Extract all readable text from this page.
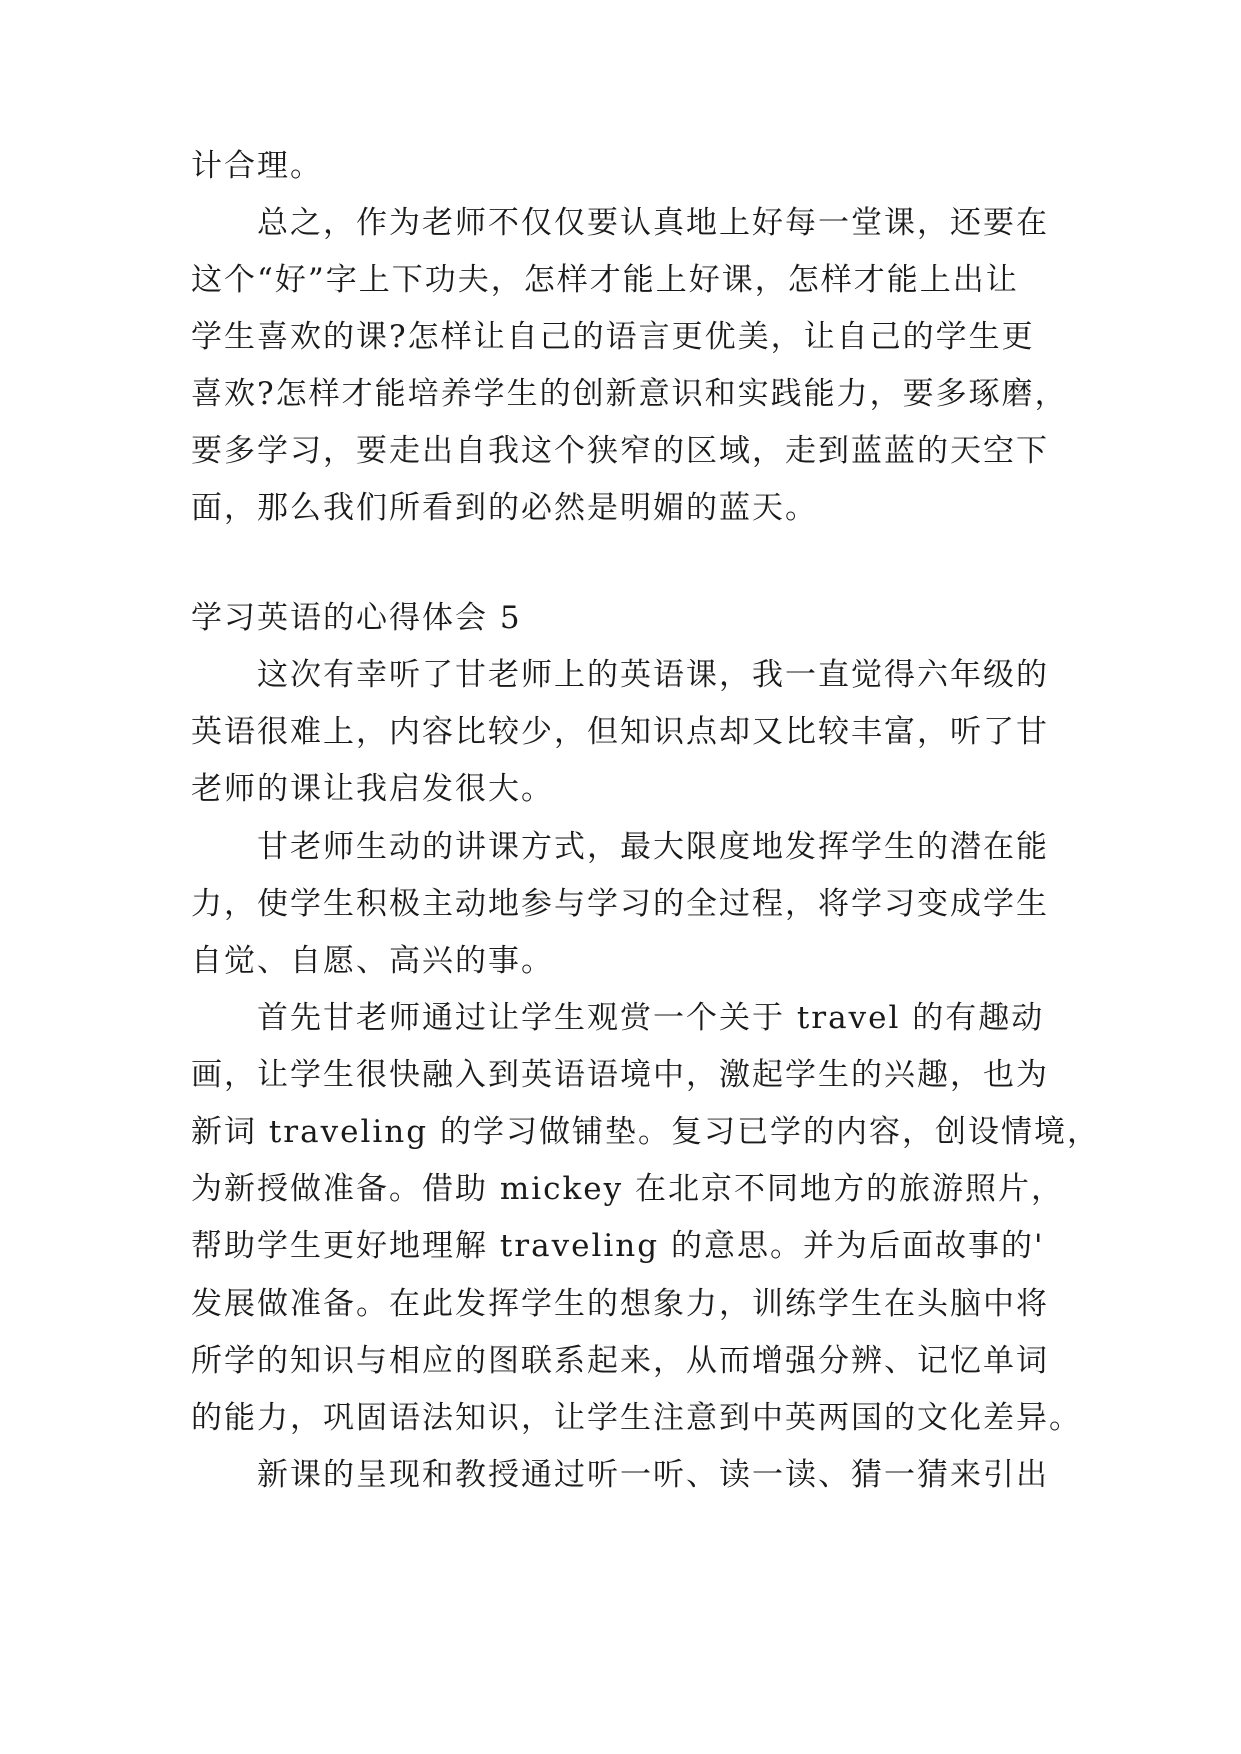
计合理。
总之，作为老师不仅仅要认真地上好每一堂课，还要在
这个“好”字上下功夫，怎样才能上好课，怎样才能上出让
学生喜欢的课?怎样让自己的语言更优美，让自己的学生更
喜欢?怎样才能培养学生的创新意识和实践能力，要多琢磨，
要多学习，要走出自我这个狭窄的区域，走到蓝蓝的天空下
面，那么我们所看到的必然是明媚的蓝天。
学习英语的心得体会 5
这次有幸听了甘老师上的英语课，我一直觉得六年级的
英语很难上，内容比较少，但知识点却又比较丰富，听了甘
老师的课让我启发很大。
甘老师生动的讲课方式，最大限度地发挥学生的潜在能
力，使学生积极主动地参与学习的全过程，将学习变成学生
自觉、自愿、高兴的事。
首先甘老师通过让学生观赏一个关于 travel 的有趣动
画，让学生很快融入到英语语境中，激起学生的兴趣，也为
新词 traveling 的学习做铺垫。复习已学的内容，创设情境，
为新授做准备。借助 mickey 在北京不同地方的旅游照片，
帮助学生更好地理解 traveling 的意思。并为后面故事的'
发展做准备。在此发挥学生的想象力，训练学生在头脑中将
所学的知识与相应的图联系起来，从而增强分辨、记忆单词
的能力，巩固语法知识，让学生注意到中英两国的文化差异。
新课的呈现和教授通过听一听、读一读、猜一猜来引出
